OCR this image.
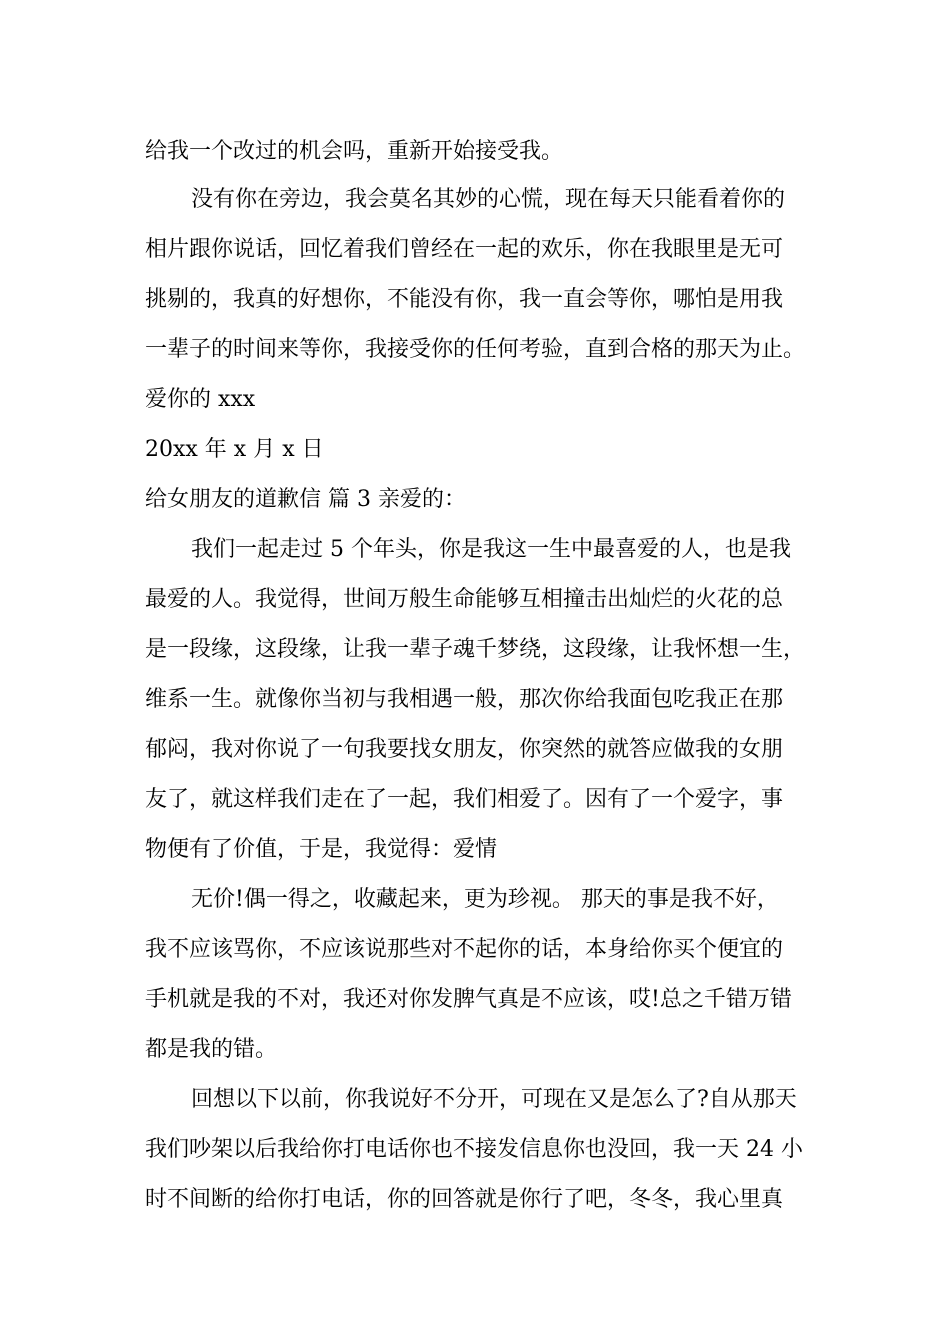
给我一个改过的机会吗，重新开始接受我。
没有你在旁边，我会莫名其妙的心慌，现在每天只能看着你的
相片跟你说话，回忆着我们曾经在一起的欢乐，你在我眼里是无可
挑剔的，我真的好想你，不能没有你，我一直会等你，哪怕是用我
一辈子的时间来等你，我接受你的任何考验，直到合格的那天为止。
爱你的 xxx
20xx 年 x 月 x 日
给女朋友的道歉信 篇 3 亲爱的：
我们一起走过 5 个年头，你是我这一生中最喜爱的人，也是我
最爱的人。我觉得，世间万般生命能够互相撞击出灿烂的火花的总
是一段缘，这段缘，让我一辈子魂千梦绕，这段缘，让我怀想一生，
维系一生。就像你当初与我相遇一般，那次你给我面包吃我正在那
郁闷，我对你说了一句我要找女朋友，你突然的就答应做我的女朋
友了，就这样我们走在了一起，我们相爱了。因有了一个爱字，事
物便有了价值，于是，我觉得：爱情
无价!偶一得之，收藏起来，更为珍视。 那天的事是我不好，
我不应该骂你，不应该说那些对不起你的话，本身给你买个便宜的
手机就是我的不对，我还对你发脾气真是不应该，哎!总之千错万错
都是我的错。
回想以下以前，你我说好不分开，可现在又是怎么了?自从那天
我们吵架以后我给你打电话你也不接发信息你也没回，我一天 24 小
时不间断的给你打电话，你的回答就是你行了吧，冬冬，我心里真
